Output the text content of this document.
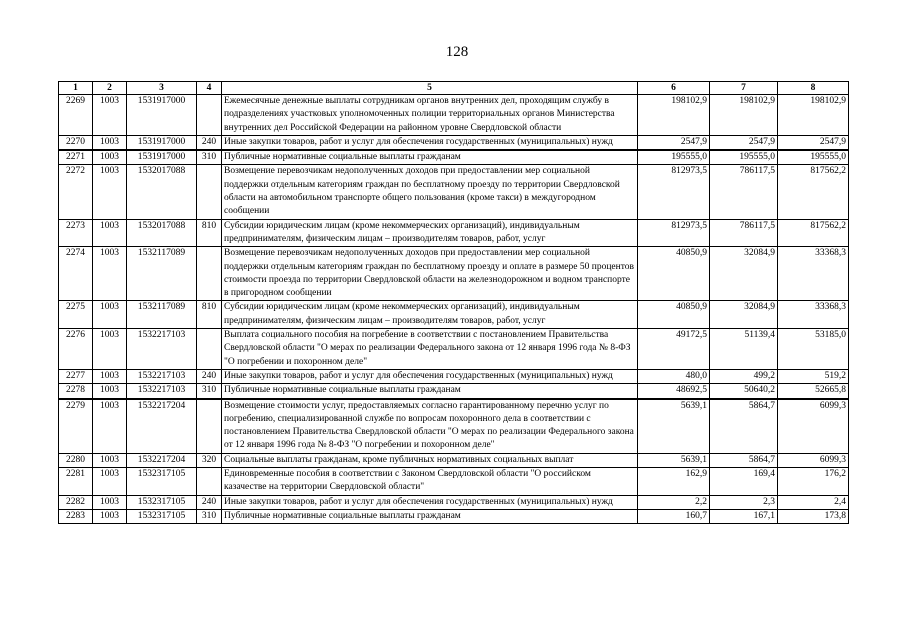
128
1	2	3	4	5	6	7	8
2269	1003	1531917000		Ежемесячные денежные выплаты сотрудникам органов внутренних дел, проходящим службу в подразделениях участковых уполномоченных полиции территориальных органов Министерства внутренних дел Российской Федерации на районном уровне Свердловской области	198102,9	198102,9	198102,9
2270	1003	1531917000	240	Иные закупки товаров, работ и услуг для обеспечения государственных (муниципальных) нужд	2547,9	2547,9	2547,9
2271	1003	1531917000	310	Публичные нормативные социальные выплаты гражданам	195555,0	195555,0	195555,0
2272	1003	1532017088		Возмещение перевозчикам недополученных доходов при предоставлении мер социальной поддержки отдельным категориям граждан по бесплатному проезду по территории Свердловской области на автомобильном транспорте общего пользования (кроме такси) в междугородном сообщении	812973,5	786117,5	817562,2
2273	1003	1532017088	810	Субсидии юридическим лицам (кроме некоммерческих организаций), индивидуальным предпринимателям, физическим лицам – производителям товаров, работ, услуг	812973,5	786117,5	817562,2
2274	1003	1532117089		Возмещение перевозчикам недополученных доходов при предоставлении мер социальной поддержки отдельным категориям граждан по бесплатному проезду и оплате в размере 50 процентов стоимости проезда по территории Свердловской области на железнодорожном и водном транспорте в пригородном сообщении	40850,9	32084,9	33368,3
2275	1003	1532117089	810	Субсидии юридическим лицам (кроме некоммерческих организаций), индивидуальным предпринимателям, физическим лицам – производителям товаров, работ, услуг	40850,9	32084,9	33368,3
2276	1003	1532217103		Выплата социального пособия на погребение в соответствии с постановлением Правительства Свердловской области "О мерах по реализации Федерального закона от 12 января 1996 года № 8-ФЗ "О погребении и похоронном деле"	49172,5	51139,4	53185,0
2277	1003	1532217103	240	Иные закупки товаров, работ и услуг для обеспечения государственных (муниципальных) нужд	480,0	499,2	519,2
2278	1003	1532217103	310	Публичные нормативные социальные выплаты гражданам	48692,5	50640,2	52665,8
2279	1003	1532217204		Возмещение стоимости услуг, предоставляемых согласно гарантированному перечню услуг по погребению, специализированной службе по вопросам похоронного дела в соответствии с постановлением Правительства Свердловской области "О мерах по реализации Федерального закона от 12 января 1996 года № 8-ФЗ "О погребении и похоронном деле"	5639,1	5864,7	6099,3
2280	1003	1532217204	320	Социальные выплаты гражданам, кроме публичных нормативных социальных выплат	5639,1	5864,7	6099,3
2281	1003	1532317105		Единовременные пособия в соответствии с Законом Свердловской области "О российском казачестве на территории Свердловской области"	162,9	169,4	176,2
2282	1003	1532317105	240	Иные закупки товаров, работ и услуг для обеспечения государственных (муниципальных) нужд	2,2	2,3	2,4
2283	1003	1532317105	310	Публичные нормативные социальные выплаты гражданам	160,7	167,1	173,8
